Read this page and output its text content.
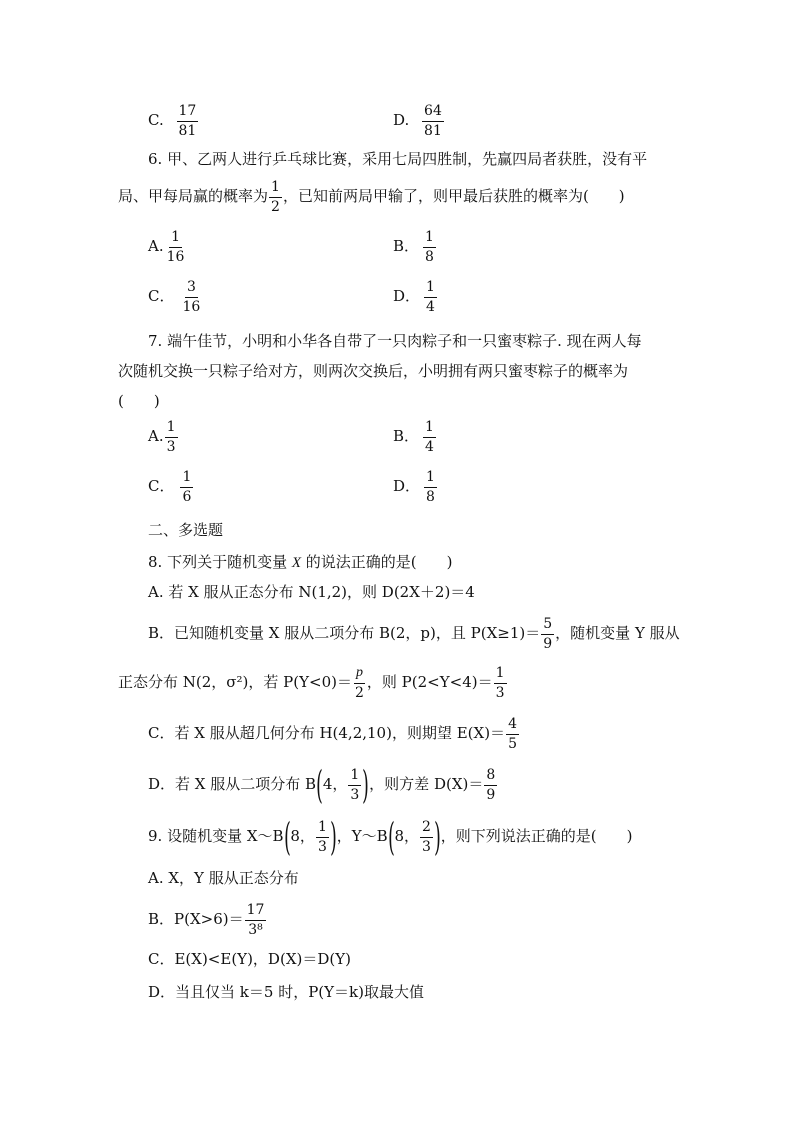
C. $\frac{17}{81}$	D. $\frac{64}{81}$
6. 甲、乙两人进行乒乓球比赛，采用七局四胜制，先赢四局者获胜，没有平
局、甲每局赢的概率为 $\frac{1}{2}$ ，已知前两局甲输了，则甲最后获胜的概率为(　　)
A. $\frac{1}{16}$	B． $\frac{1}{8}$
C． $\frac{3}{16}$	D． $\frac{1}{4}$
7. 端午佳节，小明和小华各自带了一只肉粽子和一只蜜枣粽子. 现在两人每
次随机交换一只粽子给对方，则两次交换后，小明拥有两只蜜枣粽子的概率为
(　　)
A. $\frac{1}{3}$	B． $\frac{1}{4}$
C． $\frac{1}{6}$	D． $\frac{1}{8}$
二、多选题
8. 下列关于随机变量 X 的说法正确的是(　　)
A. 若 X 服从正态分布 N(1,2)，则 D(2X＋2)＝4
B．已知随机变量 X 服从二项分布 B(2，p)，且 $P(X\ge 1)= \frac{5}{9}$ ，随机变量 Y 服从
正态分布 N(2，σ²)，若 $P(Y<0)= \frac{p}{2}$ ，则 $P(2<Y<4)= \frac{1}{3}$
C．若 X 服从超几何分布 H(4,2,10)，则期望 $E(X)= \frac{4}{5}$
D．若 X 服从二项分布 B(4， $\frac{1}{3}$ )，则方差 $D(X)= \frac{8}{9}$
9. 设随机变量 X～B(8， $\frac{1}{3}$ )，Y～B(8， $\frac{2}{3}$ )，则下列说法正确的是(　　)
A. X，Y 服从正态分布
B．$P(X>6)= \frac{17}{\text{3⁸}}$
C．E(X)<E(Y)，D(X)＝D(Y)
D．当且仅当 k＝5 时，P(Y＝k)取最大值
